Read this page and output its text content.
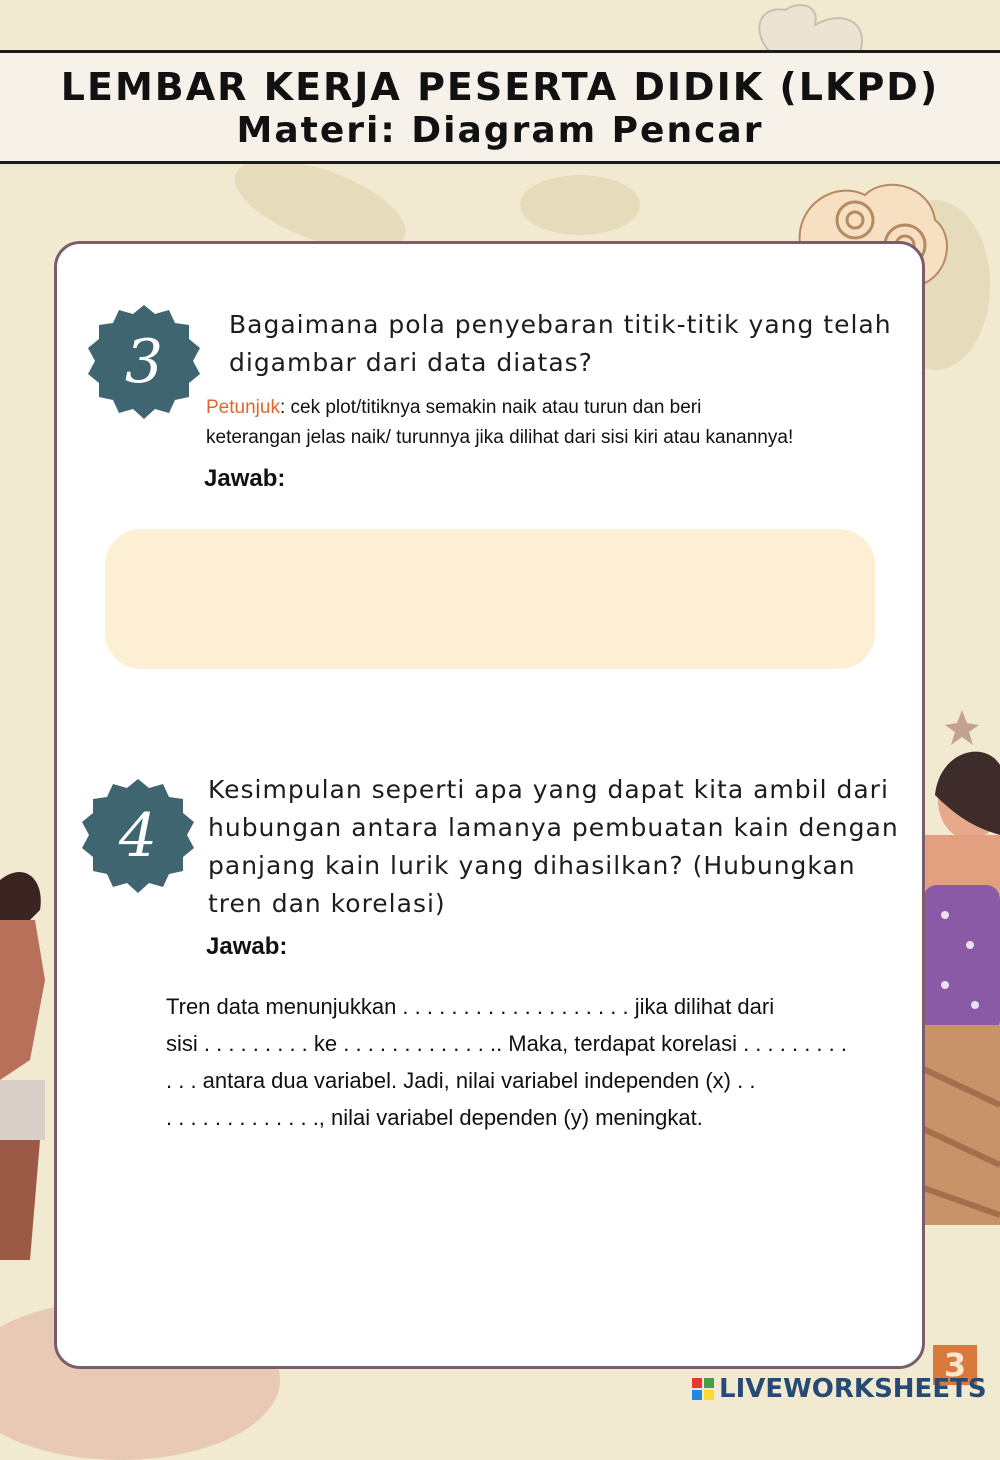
LEMBAR KERJA PESERTA DIDIK (LKPD)
Materi: Diagram Pencar
3
Bagaimana pola penyebaran titik-titik yang telah
digambar dari data diatas?
Petunjuk: cek plot/titiknya semakin naik atau turun dan beri
keterangan jelas naik/ turunnya jika dilihat dari sisi kiri atau kanannya!
Jawab:
4
Kesimpulan seperti apa yang dapat kita ambil dari
hubungan antara lamanya pembuatan kain dengan
panjang kain lurik yang dihasilkan? (Hubungkan
tren dan korelasi)
Jawab:
Tren data menunjukkan . . . . . . . . . . . . . . . . . . . jika dilihat dari
sisi . . . . . . . . . ke . . . . . . . . . . . . .. Maka, terdapat korelasi . . . . . . . . .
. . . antara dua variabel. Jadi, nilai variabel independen (x) . .
. . . . . . . . . . . . ., nilai variabel dependen (y) meningkat.
3
LIVEWORKSHEETS
